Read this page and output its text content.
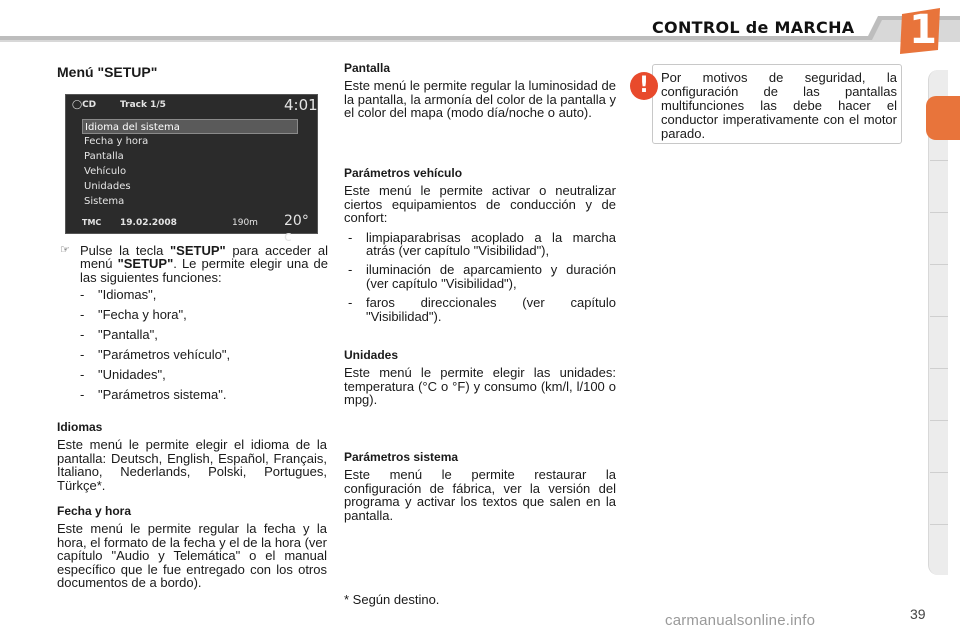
CONTROL de MARCHA 1
Menú "SETUP"
◯CD	Track 1/5	4:01
Idioma del sistema
Fecha y hora
Pantalla
Vehículo
Unidades
Sistema
TMC 19.02.2008	190m 20° c
☞ Pulse la tecla "SETUP" para acceder al menú "SETUP". Le permite elegir una de las siguientes funciones:
- "Idiomas",
- "Fecha y hora",
- "Pantalla",
- "Parámetros vehículo",
- "Unidades",
- "Parámetros sistema".
Idiomas

Este menú le permite elegir el idioma de la pantalla: Deutsch, English, Español, Français, Italiano, Nederlands, Polski, Portugues, Türkçe*.

Fecha y hora

Este menú le permite regular la fecha y la hora, el formato de la fecha y el de la hora (ver capítulo "Audio y Telemática" o el manual específico que le fue entregado con los otros documentos de a bordo).

Pantalla

Este menú le permite regular la luminosidad de la pantalla, la armonía del color de la pantalla y el color del mapa (modo día/noche o auto).

Parámetros vehículo

Este menú le permite activar o neutralizar ciertos equipamientos de conducción y de confort:

- limpiaparabrisas acoplado a la marcha atrás (ver capítulo "Visibilidad"),
- iluminación de aparcamiento y duración (ver capítulo "Visibilidad"),
- faros direccionales (ver capítulo "Visibilidad").
Unidades

Este menú le permite elegir las unidades: temperatura (°C o °F) y consumo (km/l, l/100 o mpg).

Parámetros sistema

Este menú le permite restaurar la configuración de fábrica, ver la versión del programa y activar los textos que salen en la pantalla.

* Según destino.

Por motivos de seguridad, la configuración de las pantallas multifunciones las debe hacer el conductor imperativamente con el motor parado.

!
carmanualsonline.info	39
